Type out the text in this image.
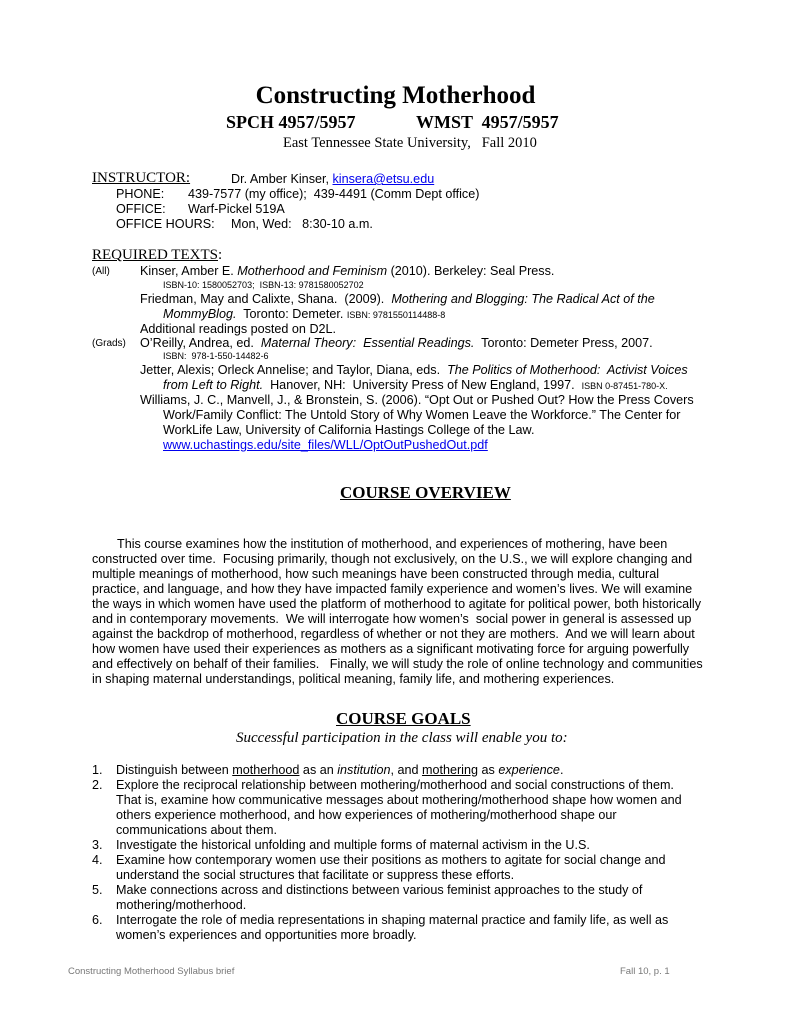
Constructing Motherhood
SPCH 4957/5957	WMST  4957/5957
East Tennessee State University,   Fall 2010
INSTRUCTOR:	Dr. Amber Kinser, kinsera@etsu.edu
PHONE: 439-7577 (my office);  439-4491 (Comm Dept office)
OFFICE: Warf-Pickel 519A
OFFICE HOURS: Mon, Wed:   8:30-10 a.m.
REQUIRED TEXTS:
(All) Kinser, Amber E. Motherhood and Feminism (2010). Berkeley: Seal Press.
ISBN-10: 1580052703;  ISBN-13: 9781580052702
Friedman, May and Calixte, Shana.  (2009).  Mothering and Blogging: The Radical Act of the
MommyBlog.  Toronto: Demeter. ISBN: 9781550114488-8
Additional readings posted on D2L.
(Grads) O’Reilly, Andrea, ed.  Maternal Theory:  Essential Readings.  Toronto: Demeter Press, 2007.
ISBN:  978-1-550-14482-6
Jetter, Alexis; Orleck Annelise; and Taylor, Diana, eds.  The Politics of Motherhood:  Activist Voices
from Left to Right.  Hanover, NH:  University Press of New England, 1997.  ISBN 0-87451-780-X.
Williams, J. C., Manvell, J., & Bronstein, S. (2006). “Opt Out or Pushed Out? How the Press Covers
Work/Family Conflict: The Untold Story of Why Women Leave the Workforce.” The Center for
WorkLife Law, University of California Hastings College of the Law.
www.uchastings.edu/site_files/WLL/OptOutPushedOut.pdf
COURSE OVERVIEW

This course examines how the institution of motherhood, and experiences of mothering, have been
constructed over time.  Focusing primarily, though not exclusively, on the U.S., we will explore changing and
multiple meanings of motherhood, how such meanings have been constructed through media, cultural
practice, and language, and how they have impacted family experience and women’s lives. We will examine
the ways in which women have used the platform of motherhood to agitate for political power, both historically
and in contemporary movements.  We will interrogate how women’s  social power in general is assessed up
against the backdrop of motherhood, regardless of whether or not they are mothers.  And we will learn about
how women have used their experiences as mothers as a significant motivating force for arguing powerfully
and effectively on behalf of their families.   Finally, we will study the role of online technology and communities
in shaping maternal understandings, political meaning, family life, and mothering experiences.

COURSE GOALS
Successful participation in the class will enable you to:
1. Distinguish between motherhood as an institution, and mothering as experience.
2. Explore the reciprocal relationship between mothering/motherhood and social constructions of them.
That is, examine how communicative messages about mothering/motherhood shape how women and
others experience motherhood, and how experiences of mothering/motherhood shape our
communications about them.
3. Investigate the historical unfolding and multiple forms of maternal activism in the U.S.
4. Examine how contemporary women use their positions as mothers to agitate for social change and
understand the social structures that facilitate or suppress these efforts.
5. Make connections across and distinctions between various feminist approaches to the study of
mothering/motherhood.
6. Interrogate the role of media representations in shaping maternal practice and family life, as well as
women’s experiences and opportunities more broadly.
Constructing Motherhood Syllabus brief	Fall 10, p. 1
